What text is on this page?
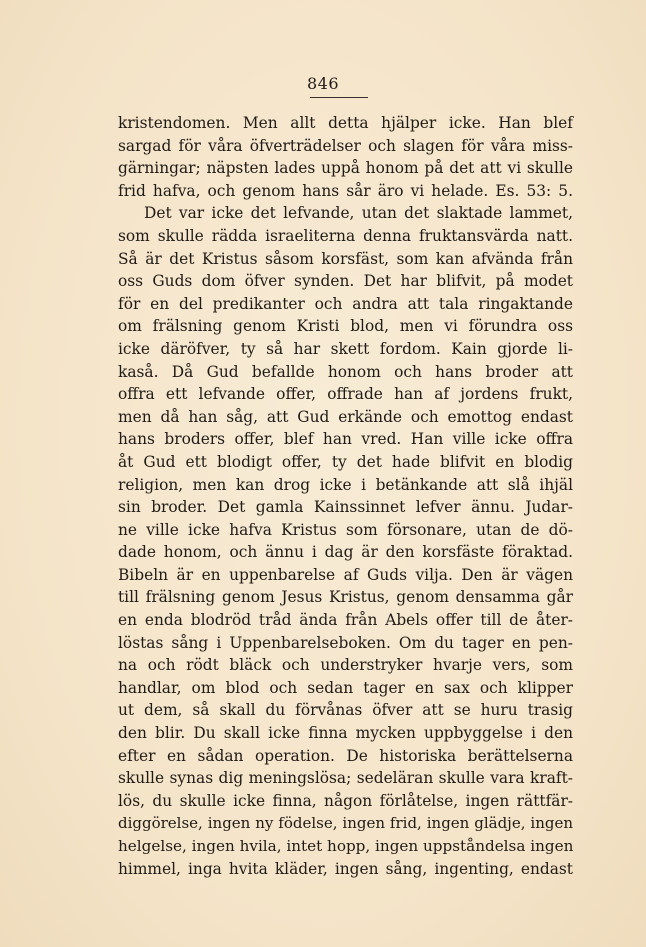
846
kristendomen. Men allt detta hjälper icke. Han blef
sargad för våra öfverträdelser och slagen för våra miss-
gärningar; näpsten lades uppå honom på det att vi skulle
frid hafva, och genom hans sår äro vi helade. Es. 53: 5.
Det var icke det lefvande, utan det slaktade lammet,
som skulle rädda israeliterna denna fruktansvärda natt.
Så är det Kristus såsom korsfäst, som kan afvända från
oss Guds dom öfver synden. Det har blifvit, på modet
för en del predikanter och andra att tala ringaktande
om frälsning genom Kristi blod, men vi förundra oss
icke däröfver, ty så har skett fordom. Kain gjorde li-
kaså. Då Gud befallde honom och hans broder att
offra ett lefvande offer, offrade han af jordens frukt,
men då han såg, att Gud erkände och emottog endast
hans broders offer, blef han vred. Han ville icke offra
åt Gud ett blodigt offer, ty det hade blifvit en blodig
religion, men kan drog icke i betänkande att slå ihjäl
sin broder. Det gamla Kainssinnet lefver ännu. Judar-
ne ville icke hafva Kristus som försonare, utan de dö-
dade honom, och ännu i dag är den korsfäste föraktad.
Bibeln är en uppenbarelse af Guds vilja. Den är vägen
till frälsning genom Jesus Kristus, genom densamma går
en enda blodröd tråd ända från Abels offer till de åter-
löstas sång i Uppenbarelseboken. Om du tager en pen-
na och rödt bläck och understryker hvarje vers, som
handlar, om blod och sedan tager en sax och klipper
ut dem, så skall du förvånas öfver att se huru trasig
den blir. Du skall icke finna mycken uppbyggelse i den
efter en sådan operation. De historiska berättelserna
skulle synas dig meningslösa; sedeläran skulle vara kraft-
lös, du skulle icke finna, någon förlåtelse, ingen rättfär-
diggörelse, ingen ny födelse, ingen frid, ingen glädje, ingen
helgelse, ingen hvila, intet hopp, ingen uppståndelsa ingen
himmel, inga hvita kläder, ingen sång, ingenting, endast
